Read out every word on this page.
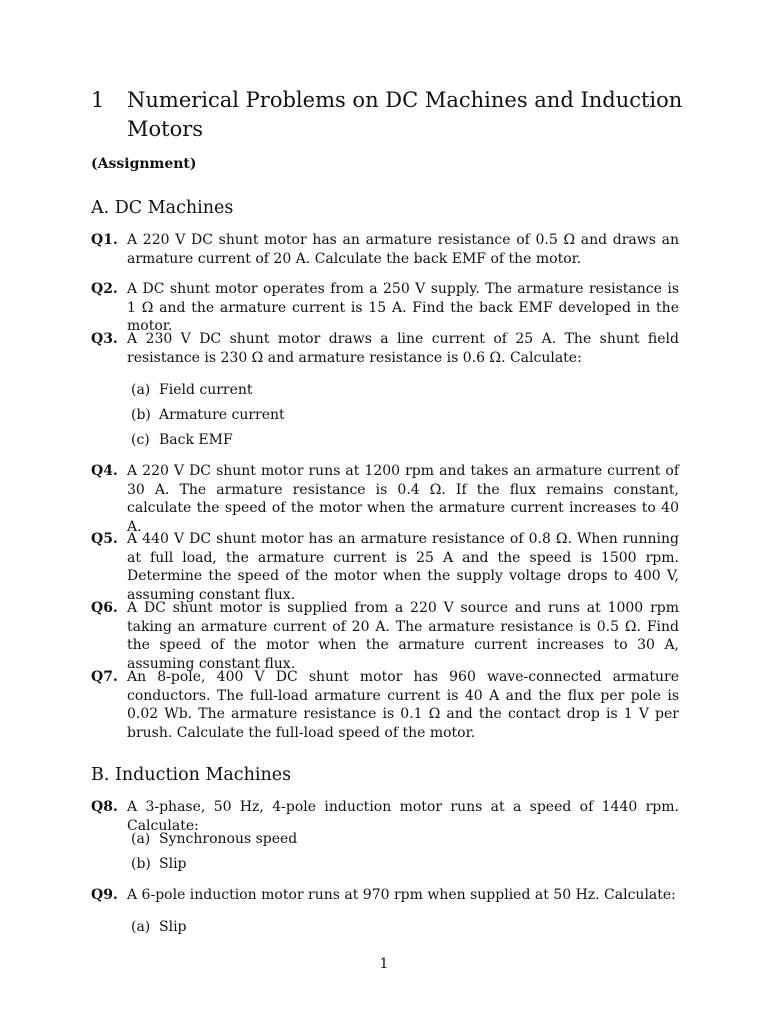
1	Numerical Problems on DC Machines and Induction Motors
(Assignment)
A. DC Machines
Q1. A 220 V DC shunt motor has an armature resistance of 0.5 Ω and draws an armature current of 20 A. Calculate the back EMF of the motor.
Q2. A DC shunt motor operates from a 250 V supply. The armature resistance is 1 Ω and the armature current is 15 A. Find the back EMF developed in the motor.
Q3. A 230 V DC shunt motor draws a line current of 25 A. The shunt field resistance is 230 Ω and armature resistance is 0.6 Ω. Calculate:
(a) Field current
(b) Armature current
(c) Back EMF
Q4. A 220 V DC shunt motor runs at 1200 rpm and takes an armature current of 30 A. The armature resistance is 0.4 Ω. If the flux remains constant, calculate the speed of the motor when the armature current increases to 40 A.
Q5. A 440 V DC shunt motor has an armature resistance of 0.8 Ω. When running at full load, the armature current is 25 A and the speed is 1500 rpm. Determine the speed of the motor when the supply voltage drops to 400 V, assuming constant flux.
Q6. A DC shunt motor is supplied from a 220 V source and runs at 1000 rpm taking an armature current of 20 A. The armature resistance is 0.5 Ω. Find the speed of the motor when the armature current increases to 30 A, assuming constant flux.
Q7. An 8-pole, 400 V DC shunt motor has 960 wave-connected armature conductors. The full-load armature current is 40 A and the flux per pole is 0.02 Wb. The armature resistance is 0.1 Ω and the contact drop is 1 V per brush. Calculate the full-load speed of the motor.
B. Induction Machines
Q8. A 3-phase, 50 Hz, 4-pole induction motor runs at a speed of 1440 rpm. Calculate:
(a) Synchronous speed
(b) Slip
Q9. A 6-pole induction motor runs at 970 rpm when supplied at 50 Hz. Calculate:
(a) Slip
1
